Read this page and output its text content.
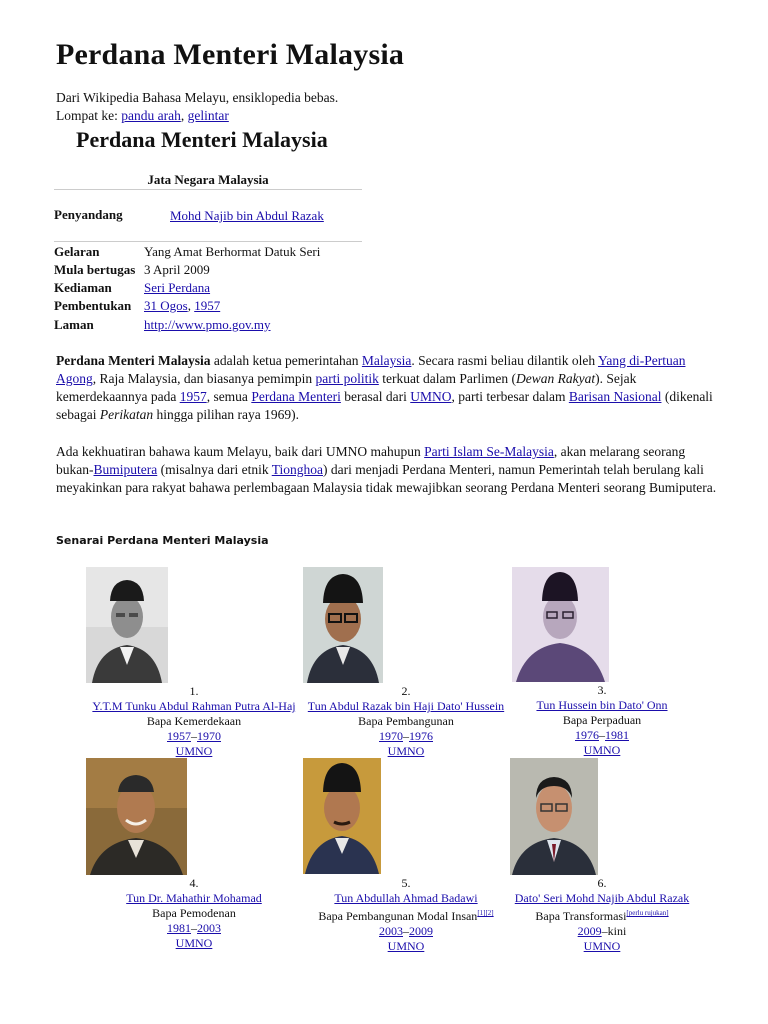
Perdana Menteri Malaysia
Dari Wikipedia Bahasa Melayu, ensiklopedia bebas.
Lompat ke: pandu arah, gelintar
Perdana Menteri Malaysia
Jata Negara Malaysia
Penyandang	Mohd Najib bin Abdul Razak
Gelaran	Yang Amat Berhormat Datuk Seri
Mula bertugas 3 April 2009
Kediaman Seri Perdana
Pembentukan 31 Ogos, 1957
Laman	http://www.pmo.gov.my

Perdana Menteri Malaysia adalah ketua pemerintahan Malaysia. Secara rasmi beliau dilantik oleh Yang di-Pertuan Agong, Raja Malaysia, dan biasanya pemimpin parti politik terkuat dalam Parlimen (Dewan Rakyat). Sejak kemerdekaannya pada 1957, semua Perdana Menteri berasal dari UMNO, parti terbesar dalam Barisan Nasional (dikenali sebagai Perikatan hingga pilihan raya 1969).

Ada kekhuatiran bahawa kaum Melayu, baik dari UMNO mahupun Parti Islam Se-Malaysia, akan melarang seorang bukan-Bumiputera (misalnya dari etnik Tionghoa) dari menjadi Perdana Menteri, namun Pemerintah telah berulang kali meyakinkan para rakyat bahawa perlembagaan Malaysia tidak mewajibkan seorang Perdana Menteri seorang Bumiputera.

Senarai Perdana Menteri Malaysia
1.
Y.T.M Tunku Abdul Rahman Putra Al-Haj
Bapa Kemerdekaan
1957–1970
UMNO
2.
Tun Abdul Razak bin Haji Dato' Hussein
Bapa Pembangunan
1970–1976
UMNO
3.
Tun Hussein bin Dato' Onn
Bapa Perpaduan
1976–1981
UMNO
4.
Tun Dr. Mahathir Mohamad
Bapa Pemodenan
1981–2003
UMNO
5.
Tun Abdullah Ahmad Badawi
Bapa Pembangunan Modal Insan[1][2]
2003–2009
UMNO
6.
Dato' Seri Mohd Najib Abdul Razak
Bapa Transformasi[perlu rujukan]
2009–kini
UMNO
